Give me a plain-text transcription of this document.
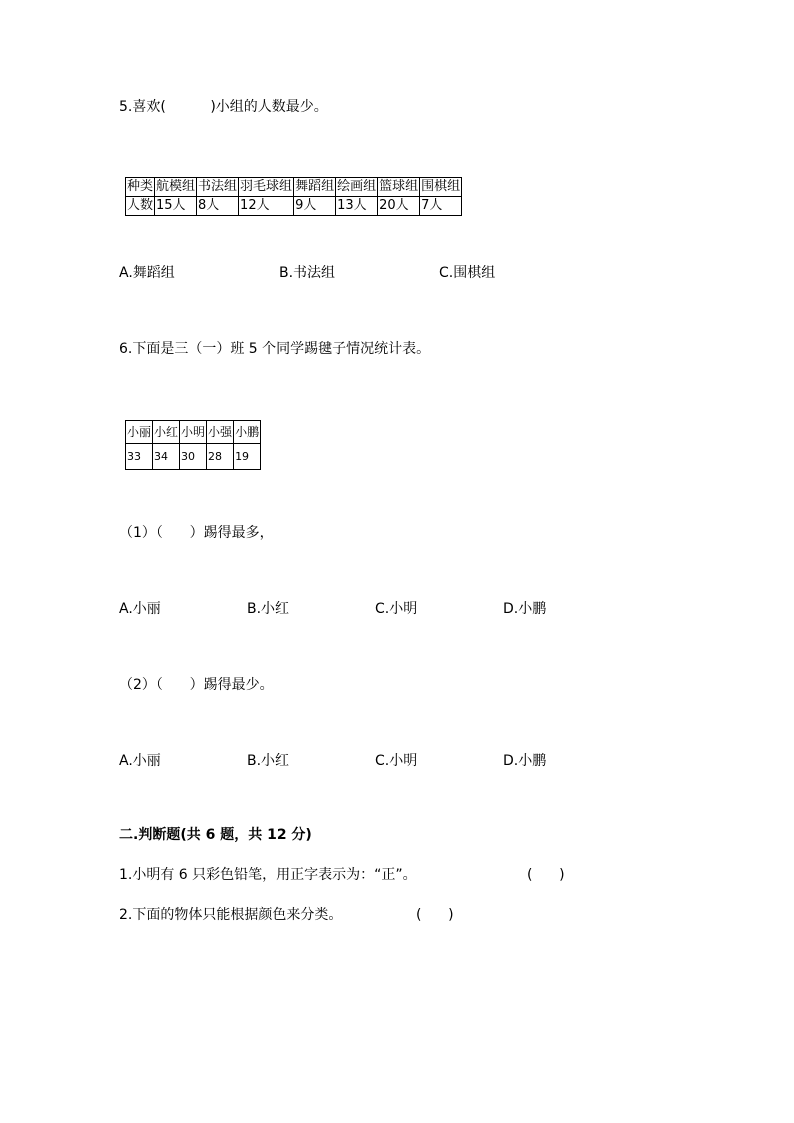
5.喜欢(          )小组的人数最少。
种类	航模组	书法组	羽毛球组	舞蹈组	绘画组	篮球组	围棋组
人数	15人	8人	12人	9人	13人	20人	7人
A.舞蹈组	B.书法组	C.围棋组
6.下面是三（一）班 5 个同学踢毽子情况统计表。
小丽	小红	小明	小强	小鹏
33	34	30	28	19
（1）（      ）踢得最多，
A.小丽	B.小红	C.小明	D.小鹏
（2）（      ）踢得最少。
A.小丽	B.小红	C.小明	D.小鹏
二.判断题(共 6 题，共 12 分)
1.小明有 6 只彩色铅笔，用正字表示为：“正”。	(      )
2.下面的物体只能根据颜色来分类。	(      )
